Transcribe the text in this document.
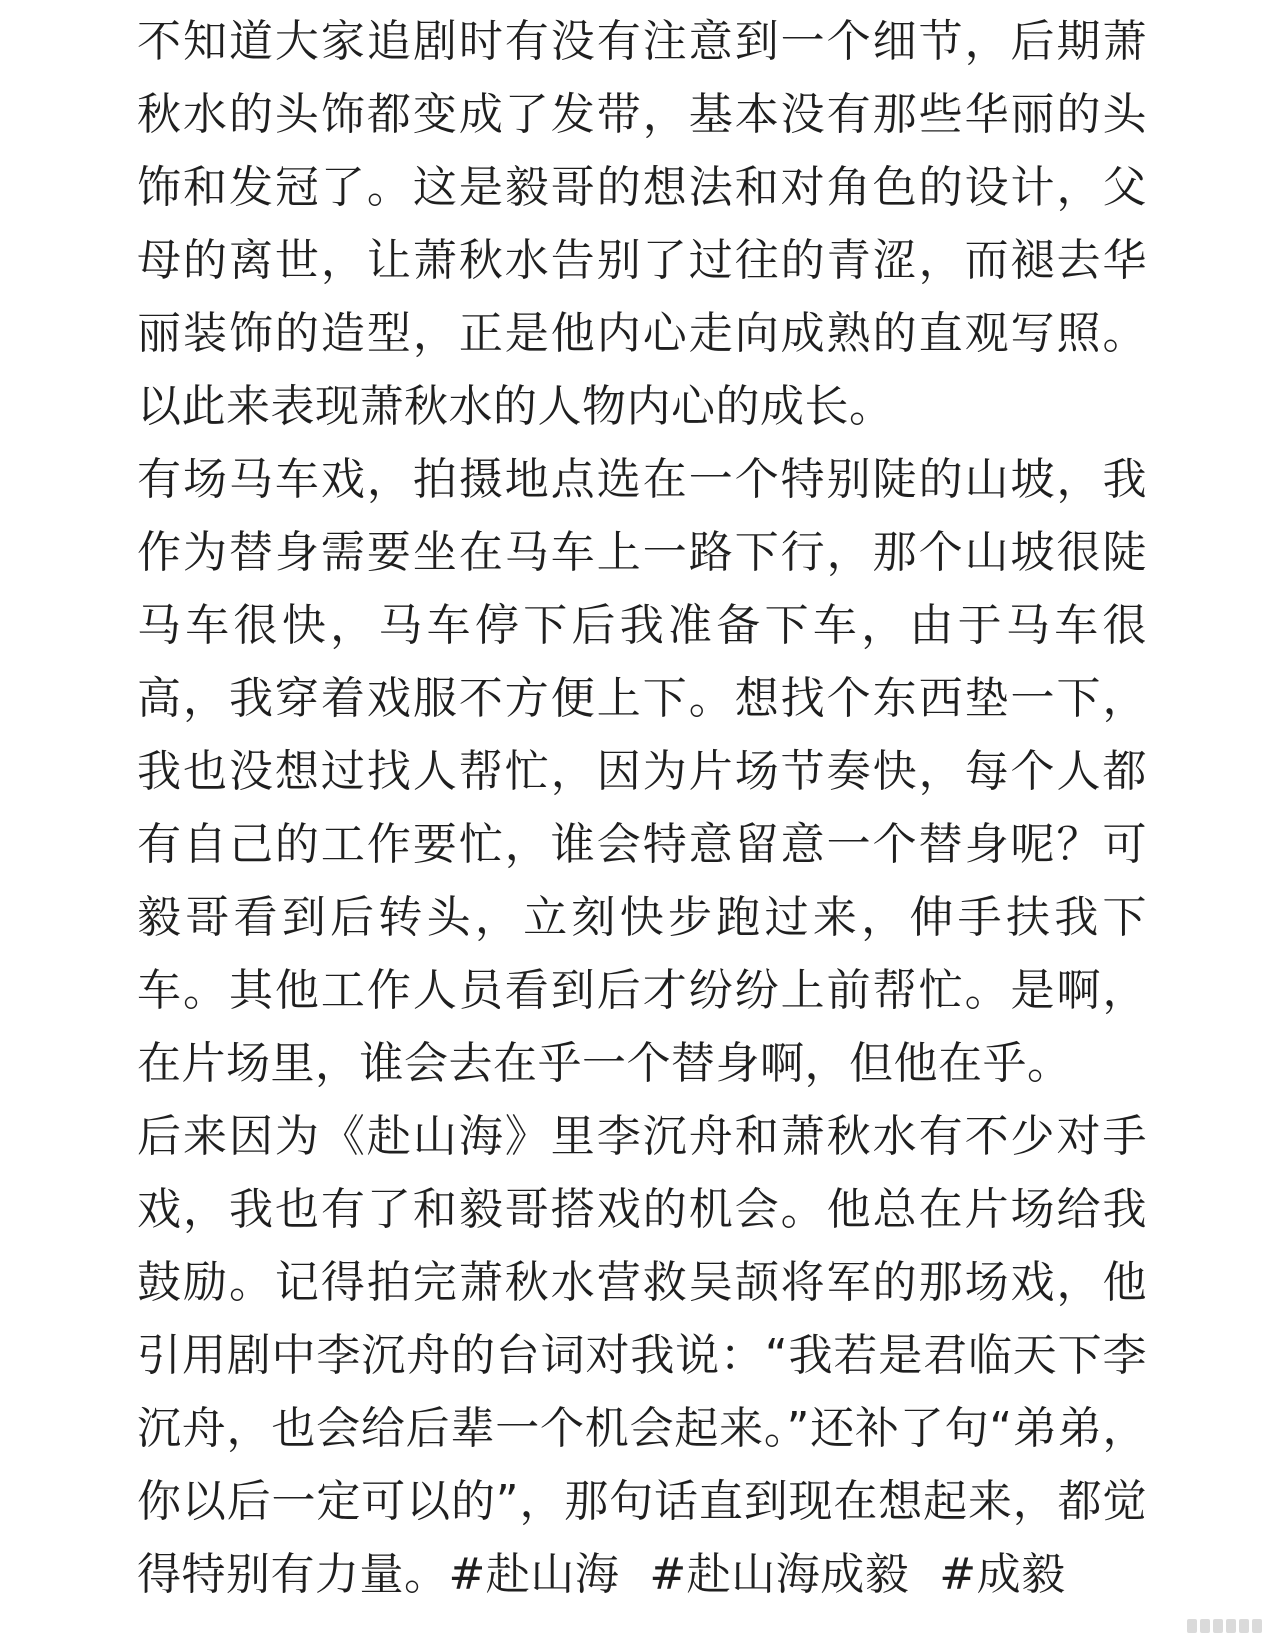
不知道大家追剧时有没有注意到一个细节，后期萧秋水的头饰都变成了发带，基本没有那些华丽的头饰和发冠了。这是毅哥的想法和对角色的设计，父母的离世，让萧秋水告别了过往的青涩，而褪去华丽装饰的造型，正是他内心走向成熟的直观写照。以此来表现萧秋水的人物内心的成长。

有场马车戏，拍摄地点选在一个特别陡的山坡，我作为替身需要坐在马车上一路下行，那个山坡很陡马车很快，马车停下后我准备下车，由于马车很高，我穿着戏服不方便上下。想找个东西垫一下，我也没想过找人帮忙，因为片场节奏快，每个人都有自己的工作要忙，谁会特意留意一个替身呢？可毅哥看到后转头，立刻快步跑过来，伸手扶我下车。其他工作人员看到后才纷纷上前帮忙。是啊，在片场里，谁会去在乎一个替身啊，但他在乎。

后来因为《赴山海》里李沉舟和萧秋水有不少对手戏，我也有了和毅哥搭戏的机会。他总在片场给我鼓励。记得拍完萧秋水营救吴颉将军的那场戏，他引用剧中李沉舟的台词对我说：“我若是君临天下李沉舟，也会给后辈一个机会起来。”还补了句“弟弟，你以后一定可以的”，那句话直到现在想起来，都觉得特别有力量。#赴山海 #赴山海成毅 #成毅
